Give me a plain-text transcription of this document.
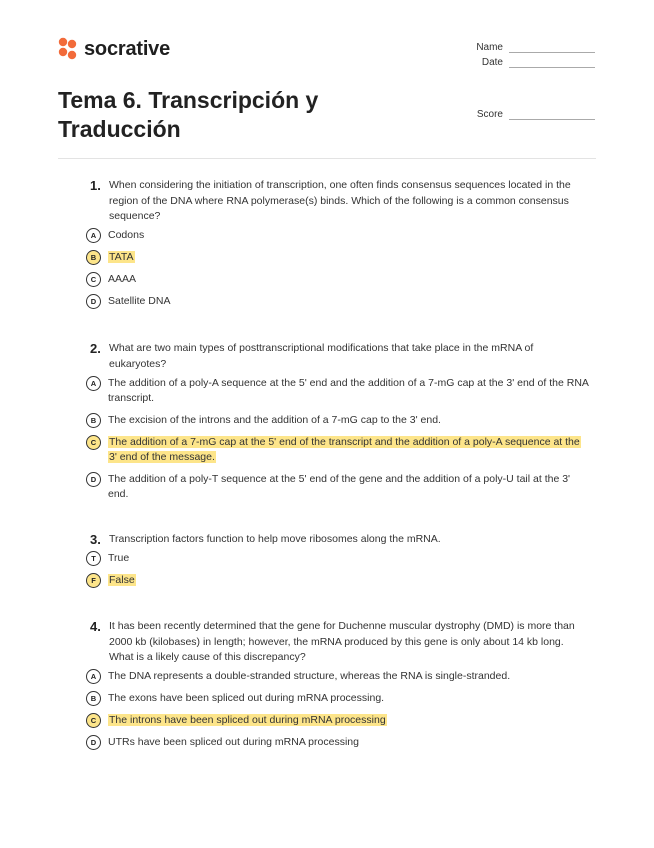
socrative	Name
Date
Score
Tema 6. Transcripción y Traducción
1. When considering the initiation of transcription, one often finds consensus sequences located in the region of the DNA where RNA polymerase(s) binds. Which of the following is a common consensus sequence?
A	Codons
B	TATA
C	AAAA
D	Satellite DNA
2. What are two main types of posttranscriptional modifications that take place in the mRNA of eukaryotes?
A	The addition of a poly-A sequence at the 5' end and the addition of a 7-mG cap at the 3' end of the RNA transcript.
B	The excision of the introns and the addition of a 7-mG cap to the 3' end.
C	The addition of a 7-mG cap at the 5' end of the transcript and the addition of a poly-A sequence at the 3' end of the message.
D	The addition of a poly-T sequence at the 5' end of the gene and the addition of a poly-U tail at the 3' end.
3. Transcription factors function to help move ribosomes along the mRNA.
T	True
F	False
4. It has been recently determined that the gene for Duchenne muscular dystrophy (DMD) is more than 2000 kb (kilobases) in length; however, the mRNA produced by this gene is only about 14 kb long. What is a likely cause of this discrepancy?
A	The DNA represents a double-stranded structure, whereas the RNA is single-stranded.
B	The exons have been spliced out during mRNA processing.
C	The introns have been spliced out during mRNA processing
D	UTRs have been spliced out during mRNA processing
